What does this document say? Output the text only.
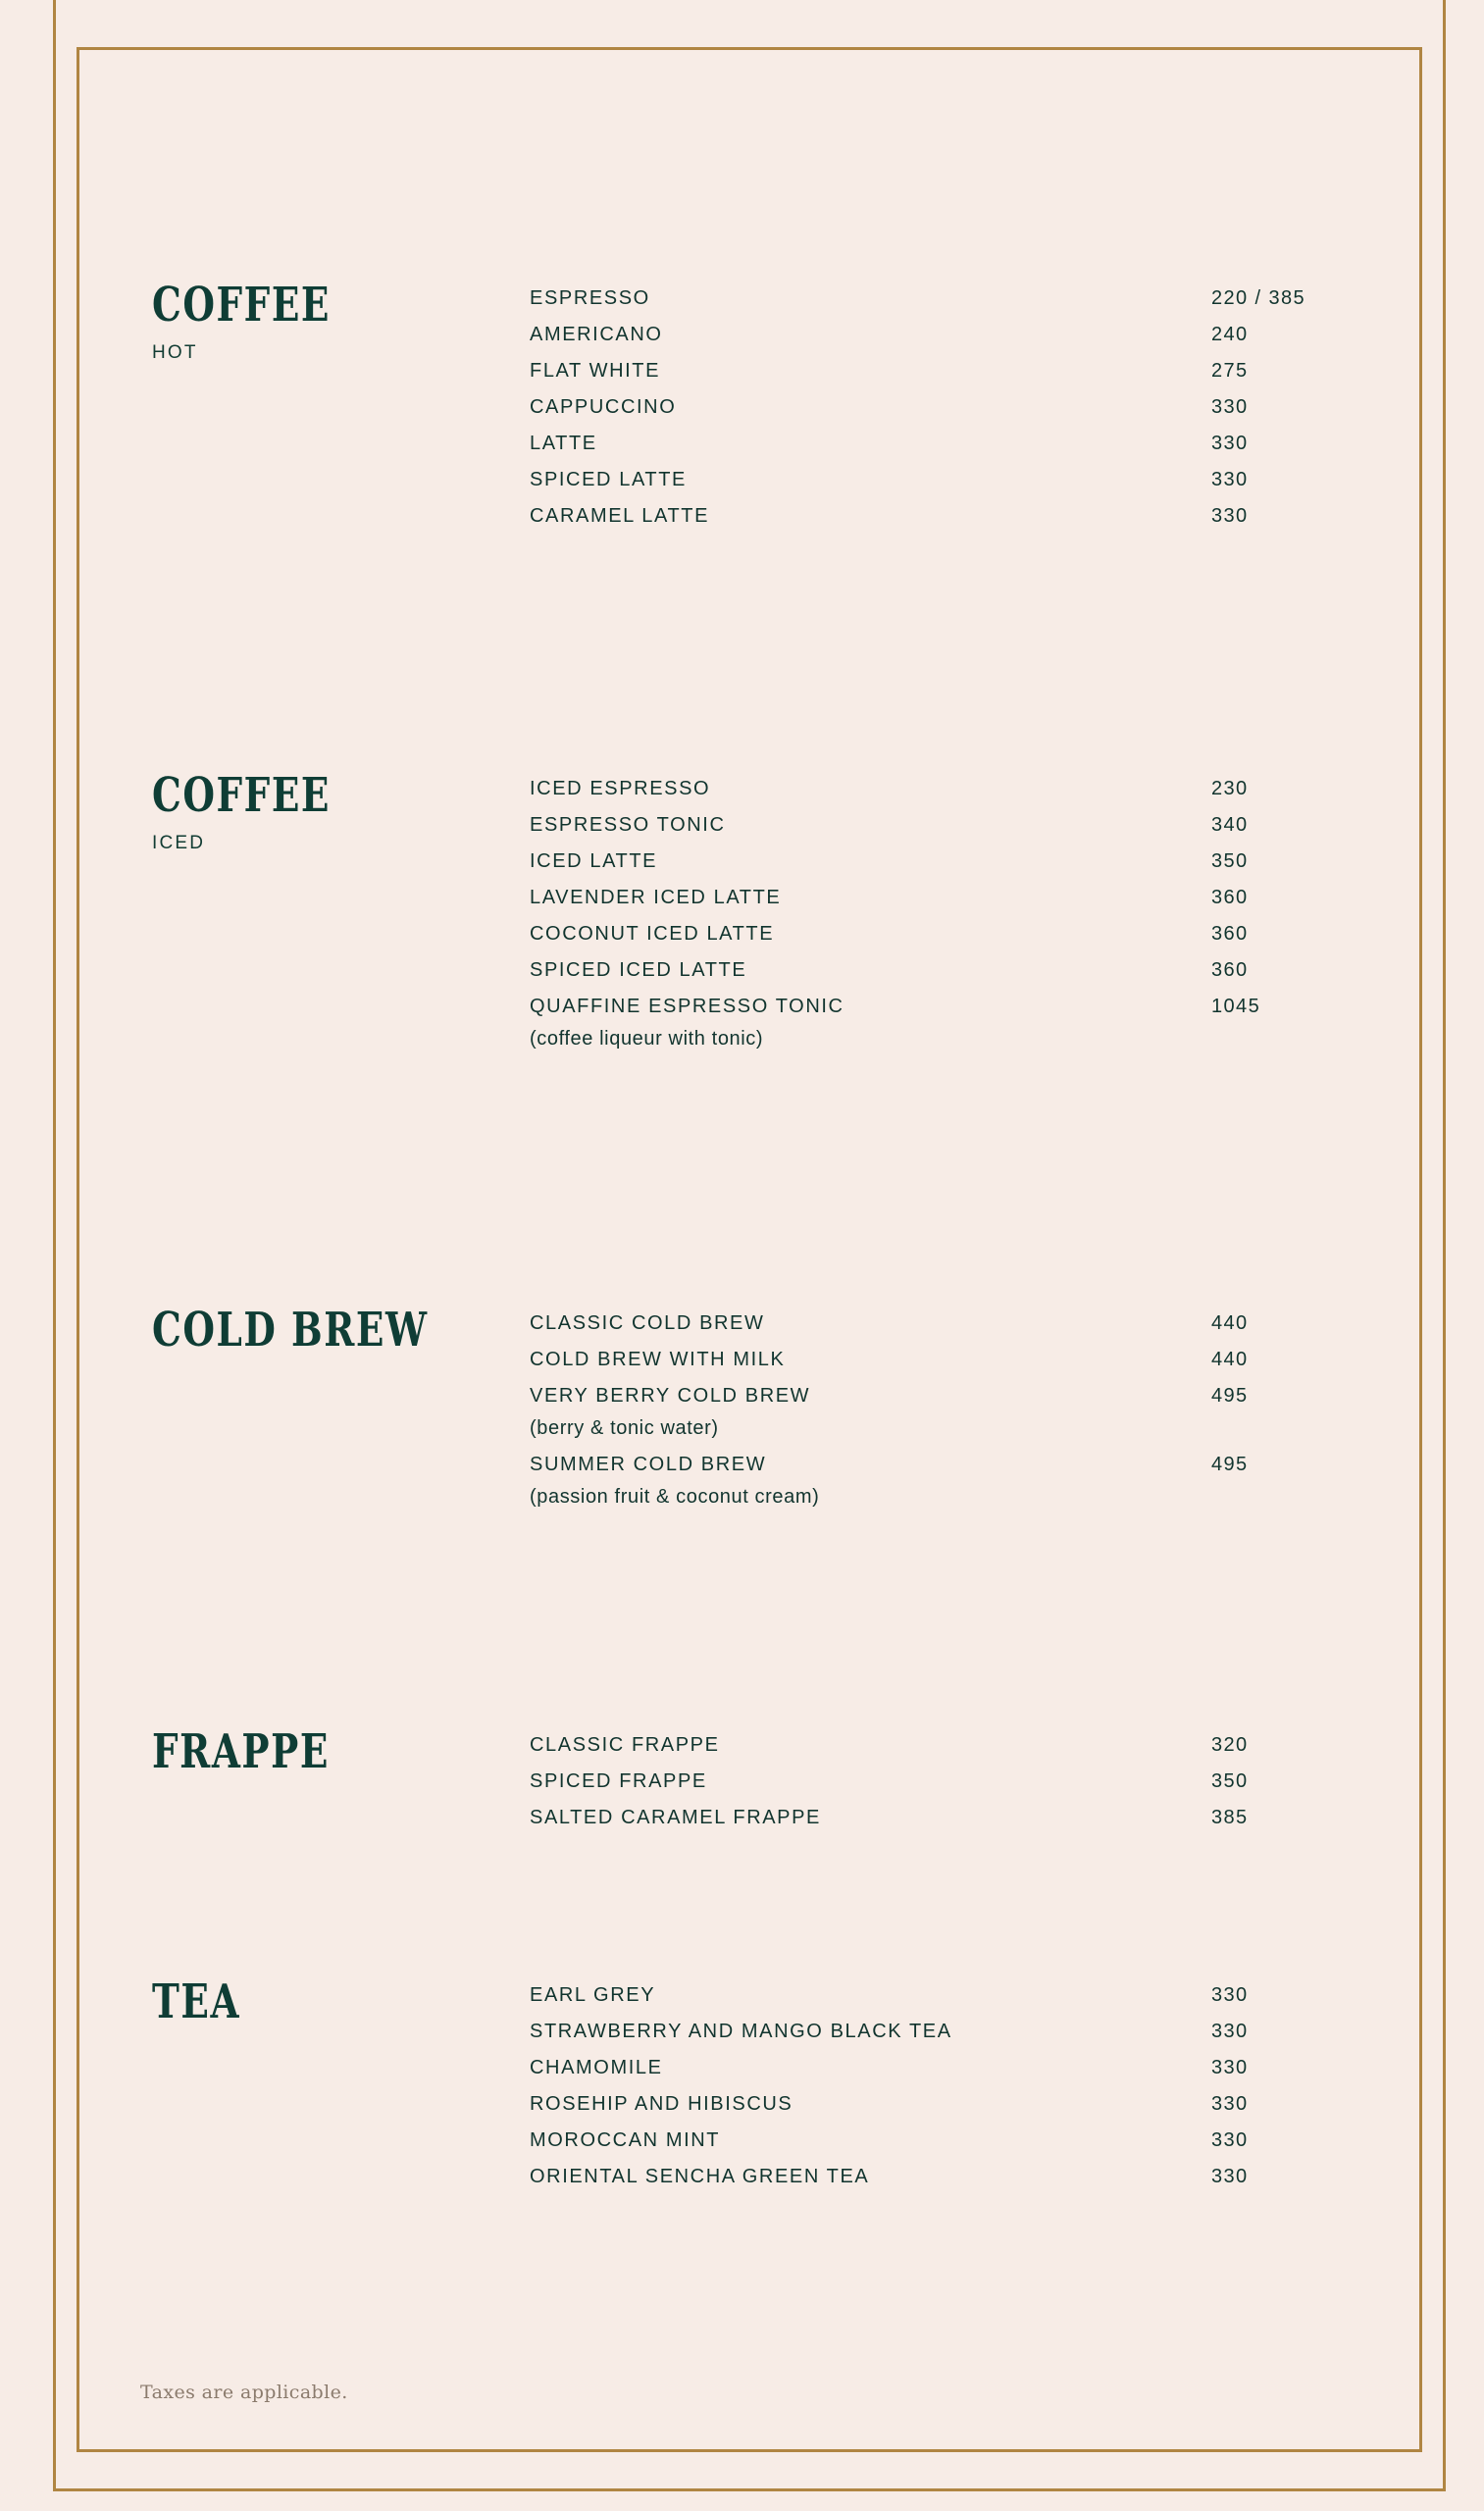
COFFEE
HOT
ESPRESSO	220 / 385
AMERICANO	240
FLAT WHITE	275
CAPPUCCINO	330
LATTE	330
SPICED LATTE	330
CARAMEL LATTE	330
COFFEE
ICED
ICED ESPRESSO	230
ESPRESSO TONIC	340
ICED LATTE	350
LAVENDER ICED LATTE	360
COCONUT ICED LATTE	360
SPICED ICED LATTE	360
QUAFFINE ESPRESSO TONIC	1045
(coffee liqueur with tonic)
COLD BREW	CLASSIC COLD BREW	440
COLD BREW WITH MILK	440
VERY BERRY COLD BREW	495
(berry & tonic water)
SUMMER COLD BREW	495
(passion fruit & coconut cream)
FRAPPE	CLASSIC FRAPPE	320
SPICED FRAPPE	350
SALTED CARAMEL FRAPPE	385
TEA	EARL GREY	330
STRAWBERRY AND MANGO BLACK TEA	330
CHAMOMILE	330
ROSEHIP AND HIBISCUS	330
MOROCCAN MINT	330
ORIENTAL SENCHA GREEN TEA	330
Taxes are applicable.
